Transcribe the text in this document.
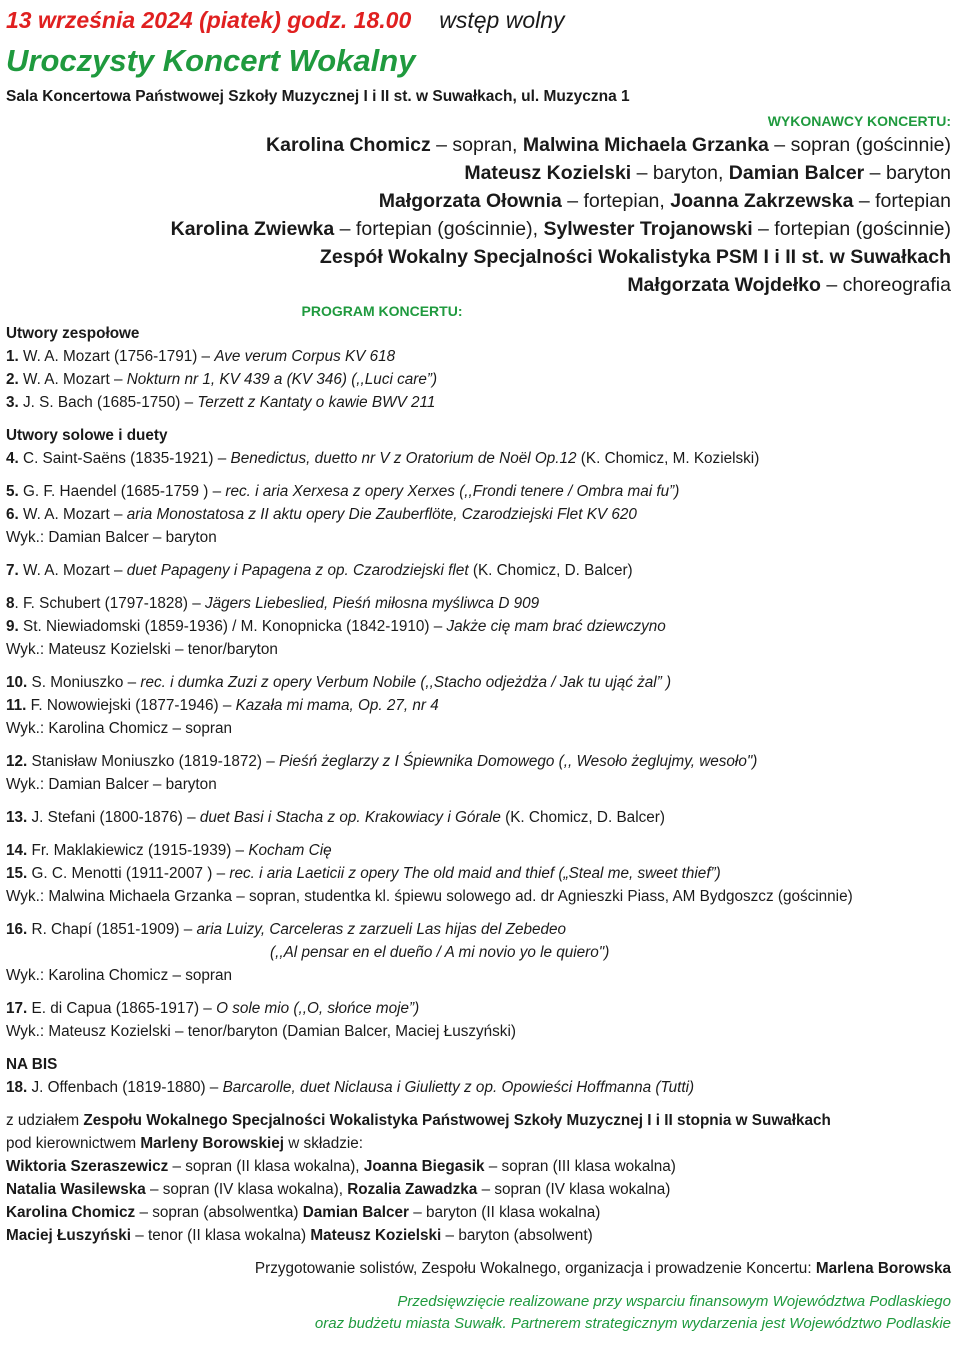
13 września 2024 (piatek) godz. 18.00 wstęp wolny
Uroczysty Koncert Wokalny
Sala Koncertowa Państwowej Szkoły Muzycznej I i II st. w Suwałkach, ul. Muzyczna 1
WYKONAWCY KONCERTU:
Karolina Chomicz – sopran, Malwina Michaela Grzanka – sopran (gościnnie)
Mateusz Kozielski – baryton, Damian Balcer – baryton
Małgorzata Ołownia – fortepian, Joanna Zakrzewska – fortepian
Karolina Zwiewka – fortepian (gościnnie), Sylwester Trojanowski – fortepian (gościnnie)
Zespół Wokalny Specjalności Wokalistyka PSM I i II st. w Suwałkach
Małgorzata Wojdełko – choreografia
PROGRAM KONCERTU:
Utwory zespołowe
1. W. A. Mozart (1756-1791) – Ave verum Corpus KV 618
2. W. A. Mozart – Nokturn nr 1, KV 439 a (KV 346) (,,Luci care”)
3. J. S. Bach (1685-1750) – Terzett z Kantaty o kawie BWV 211
Utwory solowe i duety
4. C. Saint-Saëns (1835-1921) – Benedictus, duetto nr V z Oratorium de Noël Op.12 (K. Chomicz, M. Kozielski)
5. G. F. Haendel (1685-1759 ) – rec. i aria Xerxesa z opery Xerxes (,,Frondi tenere / Ombra mai fu”)
6. W. A. Mozart – aria Monostatosa z II aktu opery Die Zauberflöte, Czarodziejski Flet KV 620
Wyk.: Damian Balcer – baryton
7. W. A. Mozart – duet Papageny i Papagena z op. Czarodziejski flet (K. Chomicz, D. Balcer)
8. F. Schubert (1797-1828) – Jägers Liebeslied, Pieśń miłosna myśliwca D 909
9. St. Niewiadomski (1859-1936) / M. Konopnicka (1842-1910) – Jakże cię mam brać dziewczyno
Wyk.: Mateusz Kozielski – tenor/baryton
10. S. Moniuszko – rec. i dumka Zuzi z opery Verbum Nobile (,,Stacho odjeżdża / Jak tu ująć żal” )
11. F. Nowowiejski (1877-1946) – Kazała mi mama, Op. 27, nr 4
Wyk.: Karolina Chomicz – sopran
12. Stanisław Moniuszko (1819-1872) – Pieśń żeglarzy z I Śpiewnika Domowego (,, Wesoło żeglujmy, wesoło")
Wyk.: Damian Balcer – baryton
13. J. Stefani (1800-1876) – duet Basi i Stacha z op. Krakowiacy i Górale (K. Chomicz, D. Balcer)
14. Fr. Maklakiewicz (1915-1939) – Kocham Cię
15. G. C. Menotti (1911-2007 ) – rec. i aria Laeticii z opery The old maid and thief („Steal me, sweet thief”)
Wyk.: Malwina Michaela Grzanka – sopran, studentka kl. śpiewu solowego ad. dr Agnieszki Piass, AM Bydgoszcz (gościnnie)
16. R. Chapí (1851-1909) – aria Luizy, Carceleras z zarzueli Las hijas del Zebedeo
(,,Al pensar en el dueño / A mi novio yo le quiero")
Wyk.: Karolina Chomicz – sopran
17. E. di Capua (1865-1917) – O sole mio (,,O, słońce moje”)
Wyk.: Mateusz Kozielski – tenor/baryton (Damian Balcer, Maciej Łuszyński)
NA BIS
18. J. Offenbach (1819-1880) – Barcarolle, duet Niclausa i Giulietty z op. Opowieści Hoffmanna (Tutti)
z udziałem Zespołu Wokalnego Specjalności Wokalistyka Państwowej Szkoły Muzycznej I i II stopnia w Suwałkach
pod kierownictwem Marleny Borowskiej w składzie:
Wiktoria Szeraszewicz – sopran (II klasa wokalna), Joanna Biegasik – sopran (III klasa wokalna)
Natalia Wasilewska – sopran (IV klasa wokalna), Rozalia Zawadzka – sopran (IV klasa wokalna)
Karolina Chomicz – sopran (absolwentka) Damian Balcer – baryton (II klasa wokalna)
Maciej Łuszyński – tenor (II klasa wokalna) Mateusz Kozielski – baryton (absolwent)
Przygotowanie solistów, Zespołu Wokalnego, organizacja i prowadzenie Koncertu: Marlena Borowska
Przedsięwzięcie realizowane przy wsparciu finansowym Województwa Podlaskiego
oraz budżetu miasta Suwałk. Partnerem strategicznym wydarzenia jest Województwo Podlaskie
